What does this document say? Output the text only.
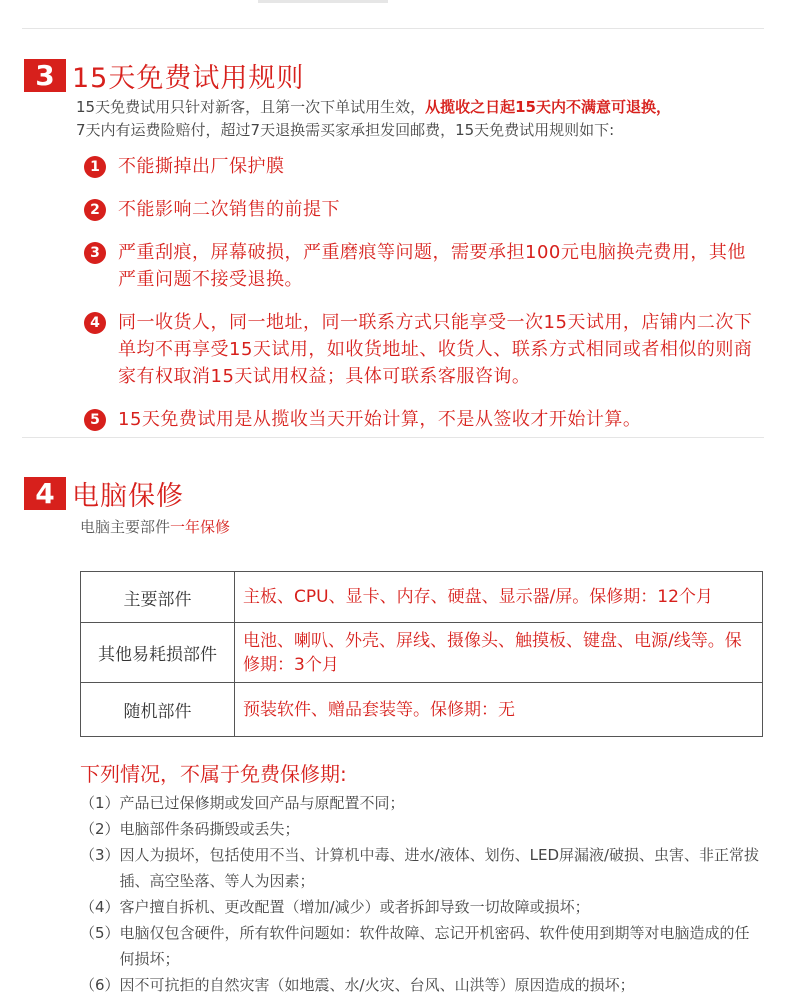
3 15天免费试用规则
15天免费试用只针对新客，且第一次下单试用生效，从揽收之日起15天内不满意可退换，
7天内有运费险赔付，超过7天退换需买家承担发回邮费，15天免费试用规则如下:
1	不能撕掉出厂保护膜
2	不能影响二次销售的前提下
3	严重刮痕，屏幕破损，严重磨痕等问题，需要承担100元电脑换壳费用，其他严重问题不接受退换。
4	同一收货人，同一地址，同一联系方式只能享受一次15天试用，店铺内二次下单均不再享受15天试用，如收货地址、收货人、联系方式相同或者相似的则商家有权取消15天试用权益；具体可联系客服咨询。
5	15天免费试用是从揽收当天开始计算，不是从签收才开始计算。
4 电脑保修
电脑主要部件一年保修
主要部件	主板、CPU、显卡、内存、硬盘、显示器/屏。保修期：12个月
其他易耗损部件	电池、喇叭、外壳、屏线、摄像头、触摸板、键盘、电源/线等。保修期：3个月
随机部件	预装软件、赠品套装等。保修期：无
下列情况，不属于免费保修期:
（1） 产品已过保修期或发回产品与原配置不同；
（2） 电脑部件条码撕毁或丢失；
（3） 因人为损坏，包括使用不当、计算机中毒、进水/液体、划伤、LED屏漏液/破损、虫害、非正常拔插、高空坠落、等人为因素；
（4） 客户擅自拆机、更改配置（增加/减少）或者拆卸导致一切故障或损坏；
（5） 电脑仅包含硬件，所有软件问题如：软件故障、忘记开机密码、软件使用到期等对电脑造成的任何损坏；
（6） 因不可抗拒的自然灾害（如地震、水/火灾、台风、山洪等）原因造成的损坏；
